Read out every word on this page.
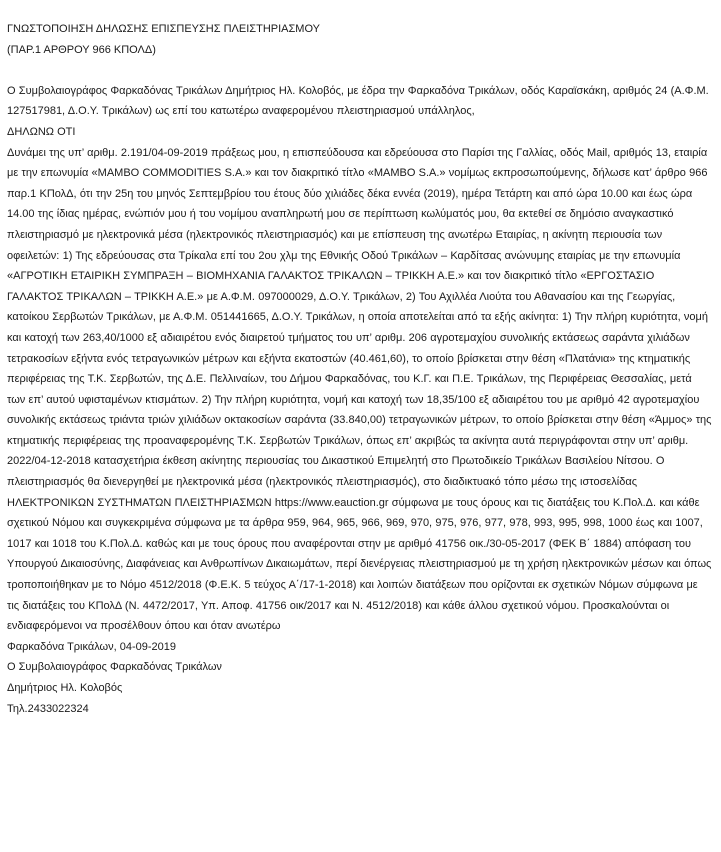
ΓΝΩΣΤΟΠΟΙΗΣΗ ΔΗΛΩΣΗΣ ΕΠΙΣΠΕΥΣΗΣ ΠΛΕΙΣΤΗΡΙΑΣΜΟΥ

(ΠΑΡ.1 ΑΡΘΡΟΥ 966 ΚΠΟΛΔ)

Ο Συμβολαιογράφος Φαρκαδόνας Τρικάλων Δημήτριος Ηλ. Κολοβός, με έδρα την Φαρκαδόνα Τρικάλων, οδός Καραϊσκάκη, αριθμός 24 (Α.Φ.Μ. 127517981, Δ.Ο.Υ. Τρικάλων) ως επί του κατωτέρω αναφερομένου πλειστηριασμού υπάλληλος,

ΔΗΛΩΝΩ ΟΤΙ

Δυνάμει της υπ’ αριθμ. 2.191/04-09-2019 πράξεως μου, η επισπεύδουσα και εδρεύουσα στο Παρίσι της Γαλλίας, οδός Mail, αριθμός 13, εταιρία με την επωνυμία «MAMBO COMMODITIES S.A.» και τον διακριτικό τίτλο «MAMBO S.A.» νομίμως εκπροσωπούμενης, δήλωσε κατ’ άρθρο 966 παρ.1 ΚΠολΔ, ότι την 25η του μηνός Σεπτεμβρίου του έτους δύο χιλιάδες δέκα εννέα (2019), ημέρα Τετάρτη και από ώρα 10.00 και έως ώρα 14.00 της ίδιας ημέρας, ενώπιόν μου ή του νομίμου αναπληρωτή μου σε περίπτωση κωλύματός μου, θα εκτεθεί σε δημόσιο αναγκαστικό πλειστηριασμό με ηλεκτρονικά μέσα (ηλεκτρονικός πλειστηριασμός) και με επίσπευση της ανωτέρω Εταιρίας, η ακίνητη περιουσία των οφειλετών: 1) Της εδρεύουσας στα Τρίκαλα επί του 2ου χλμ της Εθνικής Οδού Τρικάλων – Καρδίτσας ανώνυμης εταιρίας με την επωνυμία «ΑΓΡΟΤΙΚΗ ΕΤΑΙΡΙΚΗ ΣΥΜΠΡΑΞΗ – ΒΙΟΜΗΧΑΝΙΑ ΓΑΛΑΚΤΟΣ ΤΡΙΚΑΛΩΝ – ΤΡΙΚΚΗ Α.Ε.» και τον διακριτικό τίτλο «ΕΡΓΟΣΤΑΣΙΟ ΓΑΛΑΚΤΟΣ ΤΡΙΚΑΛΩΝ – ΤΡΙΚΚΗ Α.Ε.» με Α.Φ.Μ. 097000029, Δ.Ο.Υ. Τρικάλων, 2) Του Αχιλλέα Λιούτα του Αθανασίου και της Γεωργίας, κατοίκου Σερβωτών Τρικάλων, με Α.Φ.Μ. 051441665, Δ.Ο.Υ. Τρικάλων, η οποία αποτελείται από τα εξής ακίνητα: 1) Την πλήρη κυριότητα, νομή και κατοχή των 263,40/1000 εξ αδιαιρέτου ενός διαιρετού τμήματος του υπ’ αριθμ. 206 αγροτεμαχίου συνολικής εκτάσεως σαράντα χιλιάδων τετρακοσίων εξήντα ενός τετραγωνικών μέτρων και εξήντα εκατοστών (40.461,60), το οποίο βρίσκεται στην θέση «Πλατάνια» της κτηματικής περιφέρειας της Τ.Κ. Σερβωτών, της Δ.Ε. Πελλιναίων, του Δήμου Φαρκαδόνας, του Κ.Γ. και Π.Ε. Τρικάλων, της Περιφέρειας Θεσσαλίας, μετά των επ’ αυτού υφισταμένων κτισμάτων. 2) Την πλήρη κυριότητα, νομή και κατοχή των 18,35/100 εξ αδιαιρέτου του με αριθμό 42 αγροτεμαχίου συνολικής εκτάσεως τριάντα τριών χιλιάδων οκτακοσίων σαράντα (33.840,00) τετραγωνικών μέτρων, το οποίο βρίσκεται στην θέση «Άμμος» της κτηματικής περιφέρειας της προαναφερομένης Τ.Κ. Σερβωτών Τρικάλων, όπως επ’ ακριβώς τα ακίνητα αυτά περιγράφονται στην υπ’ αριθμ. 2022/04-12-2018 κατασχετήρια έκθεση ακίνητης περιουσίας του Δικαστικού Επιμελητή στο Πρωτοδικείο Τρικάλων Βασιλείου Νίτσου. Ο πλειστηριασμός θα διενεργηθεί με ηλεκτρονικά μέσα (ηλεκτρονικός πλειστηριασμός), στο διαδικτυακό τόπο μέσω της ιστοσελίδας ΗΛΕΚΤΡΟΝΙΚΩΝ ΣΥΣΤΗΜΑΤΩΝ ΠΛΕΙΣΤΗΡΙΑΣΜΩΝ https://www.eauction.gr σύμφωνα με τους όρους και τις διατάξεις του Κ.Πολ.Δ. και κάθε σχετικού Νόμου και συγκεκριμένα σύμφωνα με τα άρθρα 959, 964, 965, 966, 969, 970, 975, 976, 977, 978, 993, 995, 998, 1000 έως και 1007, 1017 και 1018 του Κ.Πολ.Δ. καθώς και με τους όρους που αναφέρονται στην με αριθμό 41756 οικ./30-05-2017 (ΦΕΚ Β΄ 1884) απόφαση του Υπουργού Δικαιοσύνης, Διαφάνειας και Ανθρωπίνων Δικαιωμάτων, περί διενέργειας πλειστηριασμού με τη χρήση ηλεκτρονικών μέσων και όπως τροποποιήθηκαν με το Νόμο 4512/2018 (Φ.Ε.Κ. 5 τεύχος Α΄/17-1-2018) και λοιπών διατάξεων που ορίζονται εκ σχετικών Νόμων σύμφωνα με τις διατάξεις του ΚΠολΔ (Ν. 4472/2017, Υπ. Αποφ. 41756 οικ/2017 και Ν. 4512/2018) και κάθε άλλου σχετικού νόμου. Προσκαλούνται οι ενδιαφερόμενοι να προσέλθουν όπου και όταν ανωτέρω

Φαρκαδόνα Τρικάλων, 04-09-2019

Ο Συμβολαιογράφος Φαρκαδόνας Τρικάλων

Δημήτριος Ηλ. Κολοβός

Τηλ.2433022324
